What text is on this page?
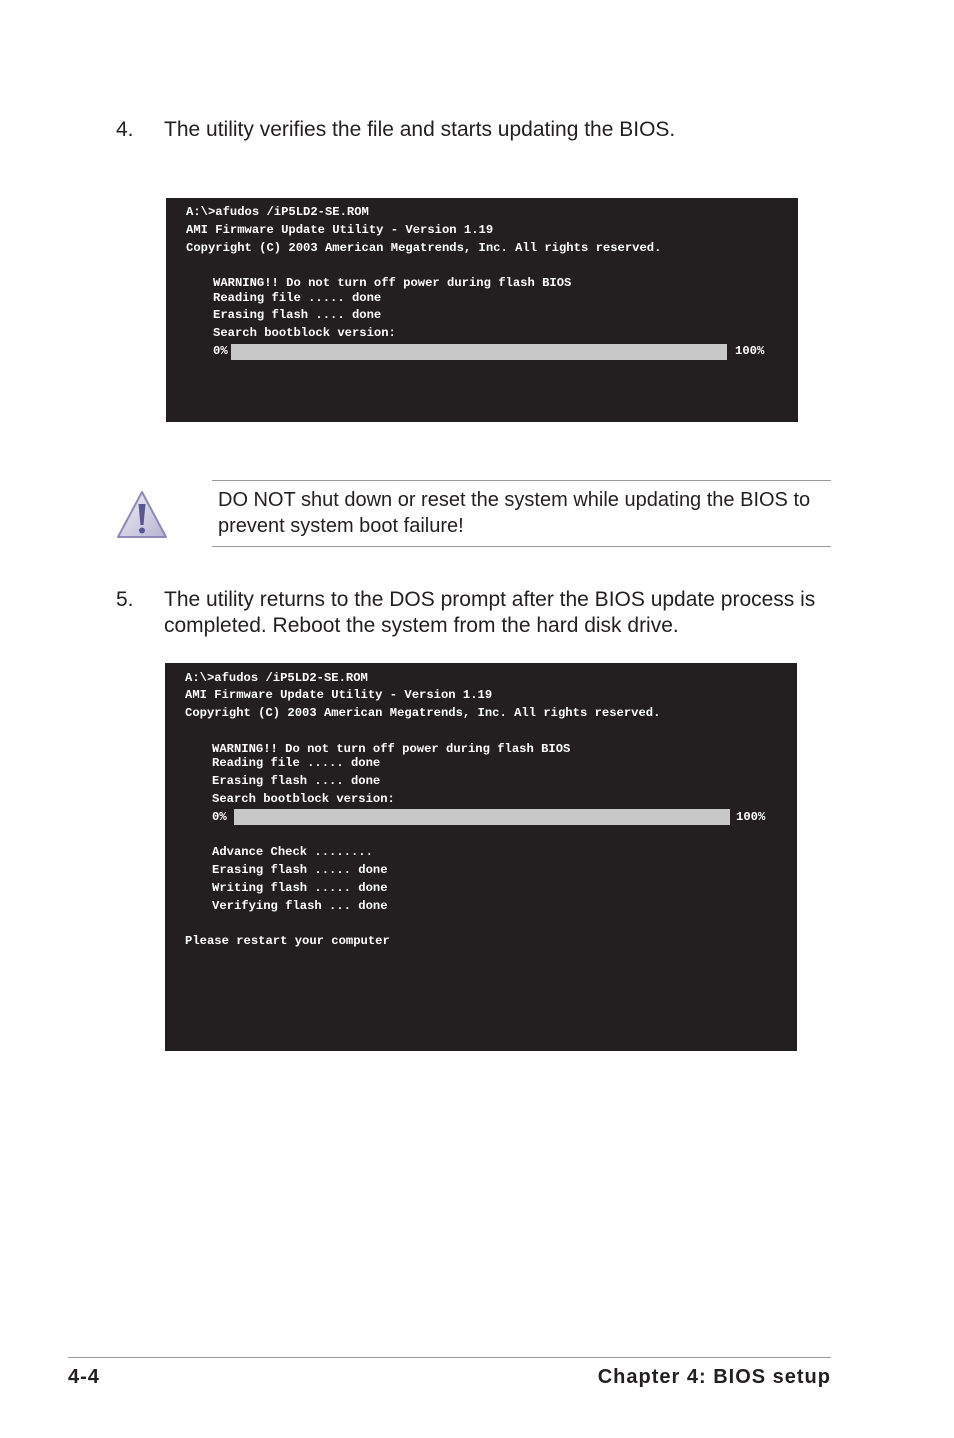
4. The utility verifies the file and starts updating the BIOS.

A:\>afudos /iP5LD2-SE.ROM

AMI Firmware Update Utility - Version 1.19

Copyright (C) 2003 American Megatrends, Inc. All rights reserved.

WARNING!! Do not turn off power during flash BIOS

Reading file ..... done

Erasing flash .... done

Search bootblock version:

0%

	100%

DO NOT shut down or reset the system while updating the BIOS to prevent system boot failure!
5. The utility returns to the DOS prompt after the BIOS update process is completed. Reboot the system from the hard disk drive.

A:\>afudos /iP5LD2-SE.ROM

AMI Firmware Update Utility - Version 1.19

Copyright (C) 2003 American Megatrends, Inc. All rights reserved.

WARNING!! Do not turn off power during flash BIOS

Reading file ..... done

Erasing flash .... done

Search bootblock version:

0%

	100%

Advance Check ........

Erasing flash ..... done

Writing flash ..... done

Verifying flash ... done

Please restart your computer

4-4	Chapter 4: BIOS setup
